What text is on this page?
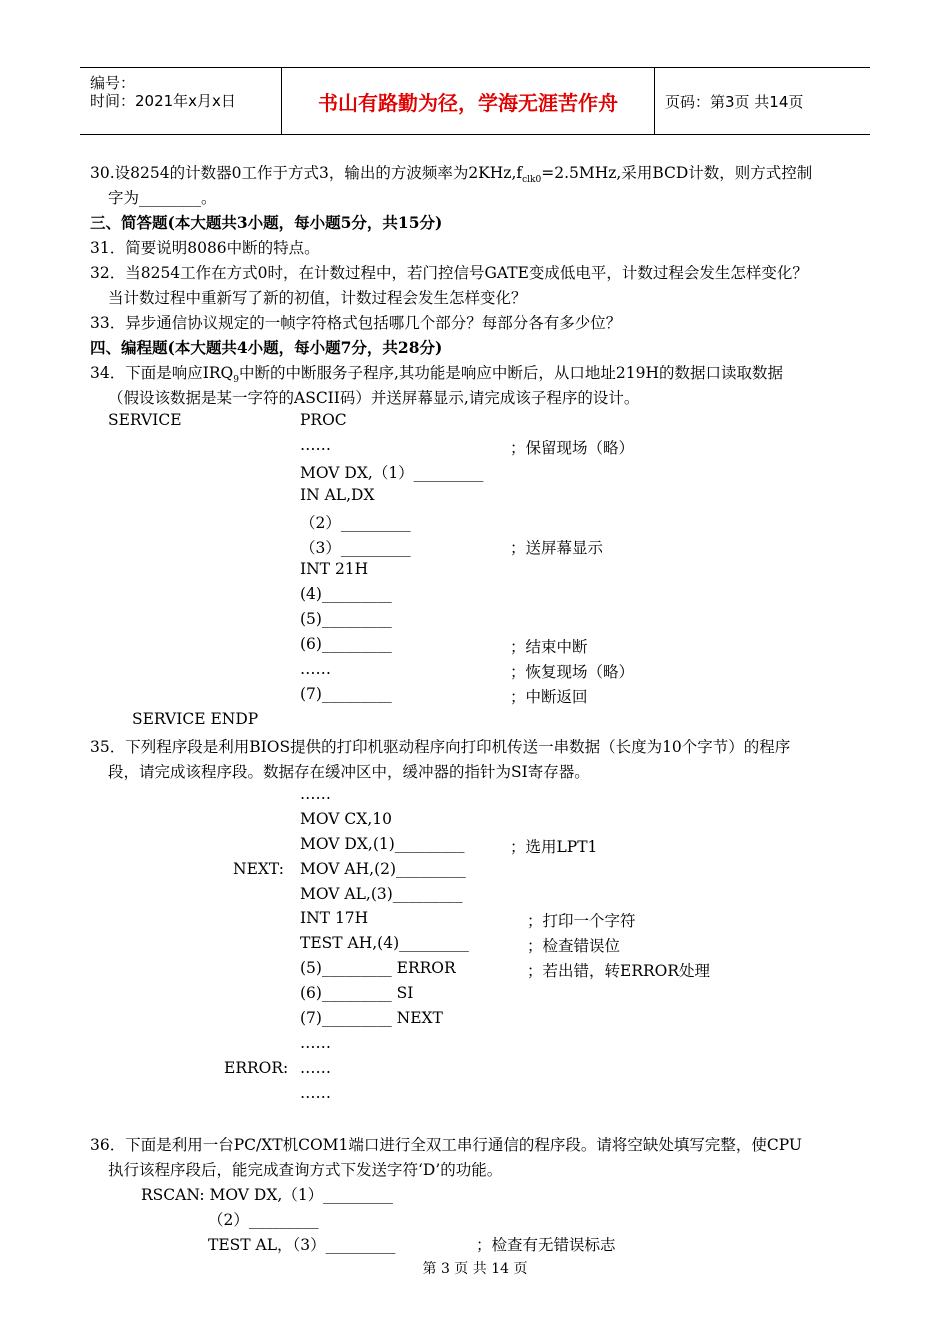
编号：
时间：2021年x月x日	书山有路勤为径，学海无涯苦作舟	页码：第3页 共14页
30.设8254的计数器0工作于方式3，输出的方波频率为$2KHz,f_{clk0}=2.5MHz$,采用BCD计数，则方式控制
字为________。
三、简答题(本大题共3小题，每小题5分，共15分)
31．简要说明8086中断的特点。
32．当8254工作在方式0时，在计数过程中，若门控信号GATE变成低电平，计数过程会发生怎样变化？
当计数过程中重新写了新的初值，计数过程会发生怎样变化？
33．异步通信协议规定的一帧字符格式包括哪几个部分？每部分各有多少位？
四、编程题(本大题共4小题，每小题7分，共28分)
34．下面是响应$IRQ_9$中断的中断服务子程序,其功能是响应中断后，从口地址219H的数据口读取数据
（假设该数据是某一字符的ASCII码）并送屏幕显示,请完成该子程序的设计。
SERVICE	PROC
……	；保留现场（略）
MOV DX,（1）_________
IN AL,DX
（2）_________
（3）_________	；送屏幕显示
INT 21H
(4)_________
(5)_________
(6)_________	；结束中断
……	；恢复现场（略）
(7)_________	；中断返回
SERVICE ENDP
35．下列程序段是利用BIOS提供的打印机驱动程序向打印机传送一串数据（长度为10个字节）的程序
段，请完成该程序段。数据存在缓冲区中，缓冲器的指针为SI寄存器。
……
MOV CX,10
MOV DX,(1)_________	；选用LPT1
NEXT: MOV AH,(2)_________
MOV AL,(3)_________
INT 17H	；打印一个字符
TEST AH,(4)_________	；检查错误位
(5)_________ ERROR	；若出错，转ERROR处理
(6)_________ SI
(7)_________ NEXT
……
ERROR: ……
……
36．下面是利用一台PC/XT机COM1端口进行全双工串行通信的程序段。请将空缺处填写完整，使CPU
执行该程序段后，能完成查询方式下发送字符‘D’的功能。
RSCAN: MOV DX,（1）_________
（2）_________
TEST AL，（3）_________	；检查有无错误标志
第 3 页 共 14 页
